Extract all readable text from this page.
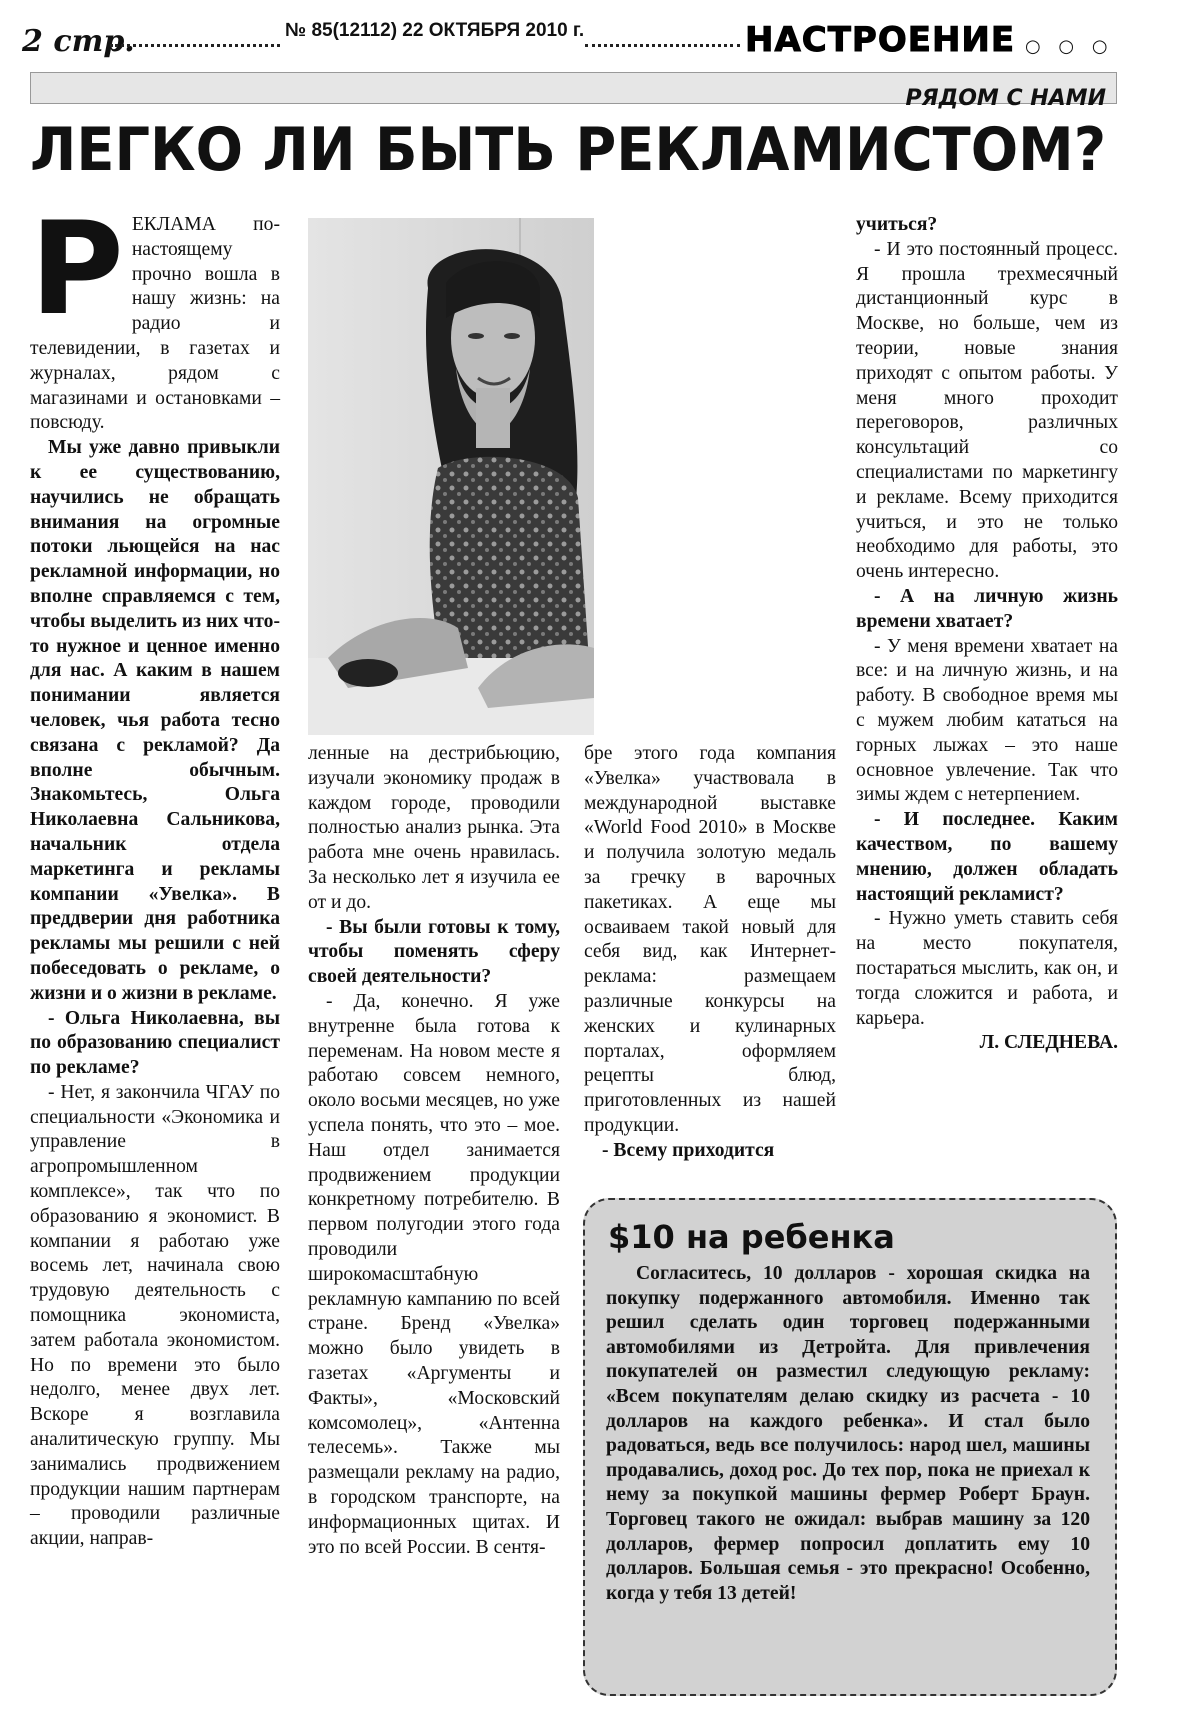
2 стр.	№ 85(12112) 22 ОКТЯБРЯ 2010 г.	НАСТРОЕНИЕ ○ ○ ○
РЯДОМ С НАМИ
ЛЕГКО ЛИ БЫТЬ РЕКЛАМИСТОМ?
Р ЕКЛАМА по-настоящему прочно вошла в нашу жизнь: на радио и телевидении, в газетах и журналах, рядом с магазинами и остановками – повсюду.

Мы уже давно привыкли к ее существованию, научились не обращать внимания на огромные потоки льющейся на нас рекламной информации, но вполне справляемся с тем, чтобы выделить из них что-то нужное и ценное именно для нас. А каким в нашем понимании является человек, чья работа тесно связана с рекламой? Да вполне обычным. Знакомьтесь, Ольга Николаевна Сальникова, начальник отдела маркетинга и рекламы компании «Увелка». В преддверии дня работника рекламы мы решили с ней побеседовать о рекламе, о жизни и о жизни в рекламе.

- Ольга Николаевна, вы по образованию специалист по рекламе?

- Нет, я закончила ЧГАУ по специальности «Экономика и управление в агропромышленном комплексе», так что по образованию я экономист. В компании я работаю уже восемь лет, начинала свою трудовую деятельность с помощника экономиста, затем работала экономистом. Но по времени это было недолго, менее двух лет. Вскоре я возглавила аналитическую группу. Мы занимались продвижением продукции нашим партнерам – проводили различные акции, направ-

ленные на дестрибьюцию, изучали экономику продаж в каждом городе, проводили полностью анализ рынка. Эта работа мне очень нравилась. За несколько лет я изучила ее от и до.

- Вы были готовы к тому, чтобы поменять сферу своей деятельности?

- Да, конечно. Я уже внутренне была готова к переменам. На новом месте я работаю совсем немного, около восьми месяцев, но уже успела понять, что это – мое. Наш отдел занимается продвижением продукции конкретному потребителю. В первом полугодии этого года проводили широкомасштабную рекламную кампанию по всей стране. Бренд «Увелка» можно было увидеть в газетах «Аргументы и Факты», «Московский комсомолец», «Антенна телесемь». Также мы размещали рекламу на радио, в городском транспорте, на информационных щитах. И это по всей России. В сентя-

бре этого года компания «Увелка» участвовала в международной выставке «World Food 2010» в Москве и получила золотую медаль за гречку в варочных пакетиках. А еще мы осваиваем такой новый для себя вид, как Интернет-реклама: размещаем различные конкурсы на женских и кулинарных порталах, оформляем рецепты блюд, приготовленных из нашей продукции.

- Всему приходится

учиться?

- И это постоянный процесс. Я прошла трехмесячный дистанционный курс в Москве, но больше, чем из теории, новые знания приходят с опытом работы. У меня много проходит переговоров, различных консультаций со специалистами по маркетингу и рекламе. Всему приходится учиться, и это не только необходимо для работы, это очень интересно.

- А на личную жизнь времени хватает?

- У меня времени хватает на все: и на личную жизнь, и на работу. В свободное время мы с мужем любим кататься на горных лыжах – это наше основное увлечение. Так что зимы ждем с нетерпением.

- И последнее. Каким качеством, по вашему мнению, должен обладать настоящий рекламист?

- Нужно уметь ставить себя на место покупателя, постараться мыслить, как он, и тогда сложится и работа, и карьера.

Л. СЛЕДНЕВА.

$10 на ребенка

Согласитесь, 10 долларов - хорошая скидка на покупку подержанного автомобиля. Именно так решил сделать один торговец подержанными автомобилями из Детройта. Для привлечения покупателей он разместил следующую рекламу: «Всем покупателям делаю скидку из расчета - 10 долларов на каждого ребенка». И стал было радоваться, ведь все получилось: народ шел, машины продавались, доход рос. До тех пор, пока не приехал к нему за покупкой машины фермер Роберт Браун. Торговец такого не ожидал: выбрав машину за 120 долларов, фермер попросил доплатить ему 10 долларов. Большая семья - это прекрасно! Особенно, когда у тебя 13 детей!
